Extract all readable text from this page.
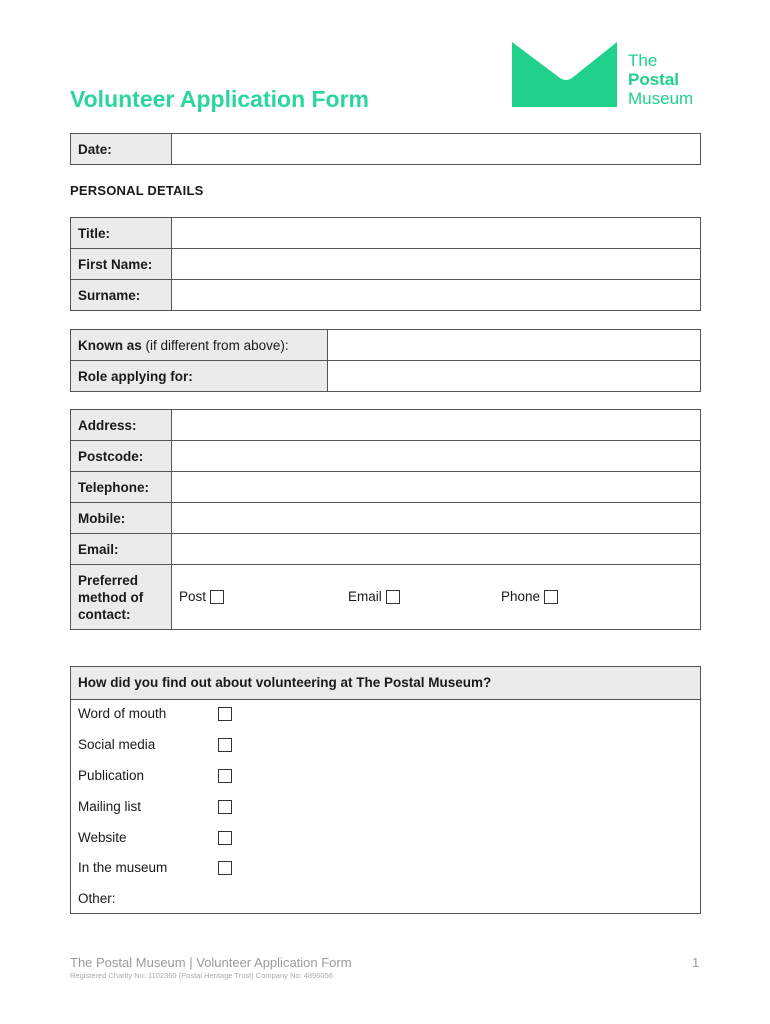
The
Postal
Museum
Volunteer Application Form
Date:	
PERSONAL DETAILS
Title:	
First Name:	
Surname:	
Known as (if different from above):	
Role applying for:	
Address:	
Postcode:	
Telephone:	
Mobile:	
Email:	
Preferred
method of
contact:	Post Email Phone
How did you find out about volunteering at The Postal Museum?
Word of mouth
Social media
Publication
Mailing list
Website
In the museum
Other:
The Postal Museum | Volunteer Application Form
Registered Charity No: 1102360 (Postal Heritage Trust) Company No: 4896056
1
